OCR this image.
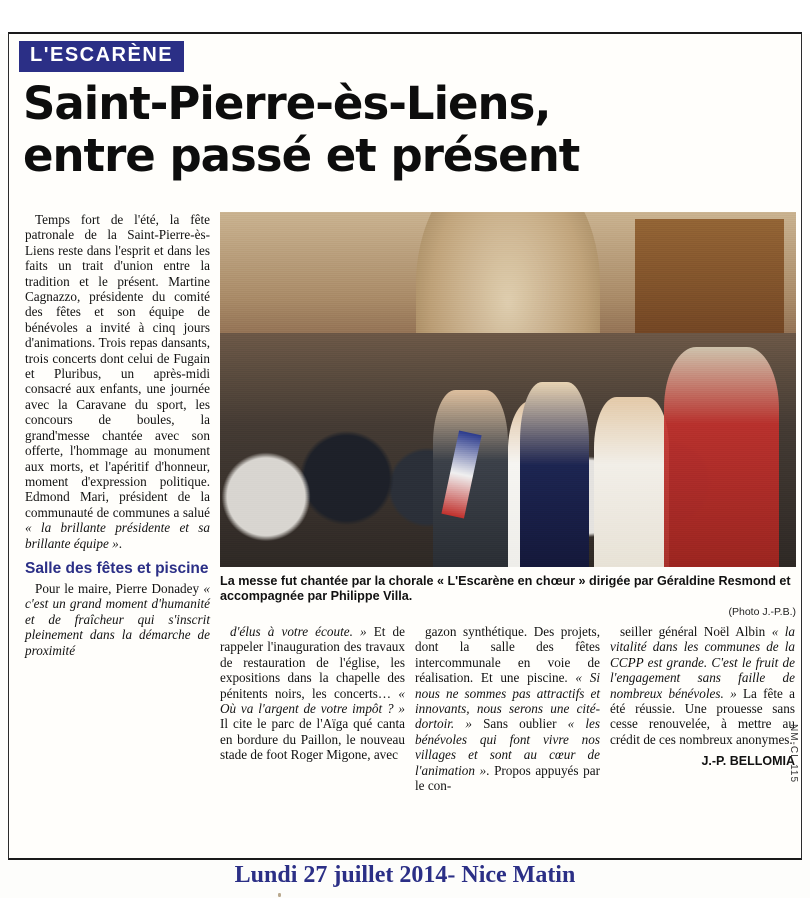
L'ESCARÈNE
Saint-Pierre-ès-Liens,
entre passé et présent

Temps fort de l'été, la fête patronale de la Saint-Pierre-ès-Liens reste dans l'esprit et dans les faits un trait d'union entre la tradition et le présent. Martine Cagnazzo, présidente du comité des fêtes et son équipe de bénévoles a invité à cinq jours d'animations. Trois repas dansants, trois concerts dont celui de Fugain et Pluribus, un après-midi consacré aux enfants, une journée avec la Caravane du sport, les concours de boules, la grand'messe chantée avec son offerte, l'hommage au monument aux morts, et l'apéritif d'honneur, moment d'expression politique. Edmond Mari, président de la communauté de communes a salué « la brillante présidente et sa brillante équipe ».

Salle des fêtes et piscine

Pour le maire, Pierre Donadey « c'est un grand moment d'humanité et de fraîcheur qui s'inscrit pleinement dans la démarche de proximité

La messe fut chantée par la chorale « L'Escarène en chœur » dirigée par Géraldine Resmond et accompagnée par Philippe Villa.
(Photo J.-P.B.)

d'élus à votre écoute. » Et de rappeler l'inauguration des travaux de restauration de l'église, les expositions dans la chapelle des pénitents noirs, les concerts… « Où va l'argent de votre impôt ? » Il cite le parc de l'Aïga qué canta en bordure du Paillon, le nouveau stade de foot Roger Migone, avec

gazon synthétique. Des projets, dont la salle des fêtes intercommunale en voie de réalisation. Et une piscine. « Si nous ne sommes pas attractifs et innovants, nous serons une cité-dortoir. » Sans oublier « les bénévoles qui font vivre nos villages et sont au cœur de l'animation ». Propos appuyés par le con-

seiller général Noël Albin « la vitalité dans les communes de la CCPP est grande. C'est le fruit de l'engagement sans faille de nombreux bénévoles. » La fête a été réussie. Une prouesse sans cesse renouvelée, à mettre au crédit de ces nombreux anonymes.

J.-P. BELLOMIA
NM-CL 115
Lundi 27 juillet 2014- Nice Matin
